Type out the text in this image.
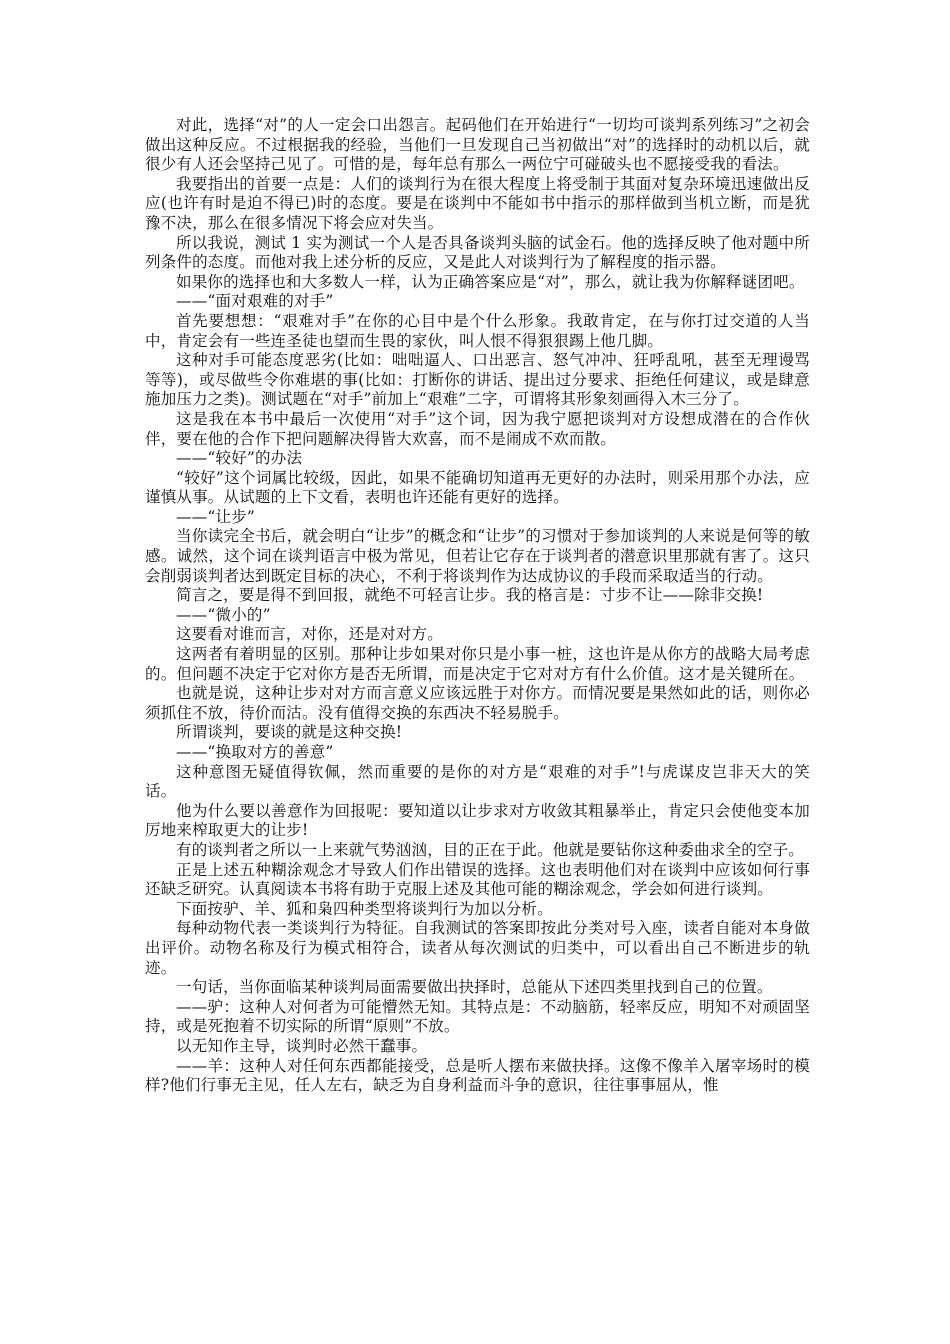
对此，选择“对”的人一定会口出怨言。起码他们在开始进行“一切均可谈判系列练习”之初会做出这种反应。不过根据我的经验，当他们一旦发现自己当初做出“对”的选择时的动机以后，就很少有人还会坚持己见了。可惜的是，每年总有那么一两位宁可碰破头也不愿接受我的看法。

我要指出的首要一点是：人们的谈判行为在很大程度上将受制于其面对复杂环境迅速做出反应(也许有时是迫不得已)时的态度。要是在谈判中不能如书中指示的那样做到当机立断，而是犹豫不决，那么在很多情况下将会应对失当。

所以我说，测试 1 实为测试一个人是否具备谈判头脑的试金石。他的选择反映了他对题中所列条件的态度。而他对我上述分析的反应，又是此人对谈判行为了解程度的指示器。

如果你的选择也和大多数人一样，认为正确答案应是“对”，那么，就让我为你解释谜团吧。

——“面对艰难的对手”

首先要想想：“艰难对手”在你的心目中是个什么形象。我敢肯定，在与你打过交道的人当中，肯定会有一些连圣徒也望而生畏的家伙，叫人恨不得狠狠踢上他几脚。

这种对手可能态度恶劣(比如：咄咄逼人、口出恶言、怒气冲冲、狂呼乱吼，甚至无理谩骂等等)，或尽做些令你难堪的事(比如：打断你的讲话、提出过分要求、拒绝任何建议，或是肆意施加压力之类)。测试题在“对手”前加上“艰难”二字，可谓将其形象刻画得入木三分了。

这是我在本书中最后一次使用“对手”这个词，因为我宁愿把谈判对方设想成潜在的合作伙伴，要在他的合作下把问题解决得皆大欢喜，而不是闹成不欢而散。

——“较好”的办法

“较好”这个词属比较级，因此，如果不能确切知道再无更好的办法时，则采用那个办法，应谨慎从事。从试题的上下文看，表明也许还能有更好的选择。

——“让步”

当你读完全书后，就会明白“让步”的概念和“让步”的习惯对于参加谈判的人来说是何等的敏感。诚然，这个词在谈判语言中极为常见，但若让它存在于谈判者的潜意识里那就有害了。这只会削弱谈判者达到既定目标的决心，不利于将谈判作为达成协议的手段而采取适当的行动。

简言之，要是得不到回报，就绝不可轻言让步。我的格言是：寸步不让——除非交换!

——“微小的”

这要看对谁而言，对你，还是对对方。

这两者有着明显的区别。那种让步如果对你只是小事一桩，这也许是从你方的战略大局考虑的。但问题不决定于它对你方是否无所谓，而是决定于它对对方有什么价值。这才是关键所在。

也就是说，这种让步对对方而言意义应该远胜于对你方。而情况要是果然如此的话，则你必须抓住不放，待价而沽。没有值得交换的东西决不轻易脱手。

所谓谈判，要谈的就是这种交换!

——“换取对方的善意”

这种意图无疑值得钦佩，然而重要的是你的对方是“艰难的对手”!与虎谋皮岂非天大的笑话。

他为什么要以善意作为回报呢：要知道以让步求对方收敛其粗暴举止，肯定只会使他变本加厉地来榨取更大的让步!

有的谈判者之所以一上来就气势汹汹，目的正在于此。他就是要钻你这种委曲求全的空子。

正是上述五种糊涂观念才导致人们作出错误的选择。这也表明他们对在谈判中应该如何行事还缺乏研究。认真阅读本书将有助于克服上述及其他可能的糊涂观念，学会如何进行谈判。

下面按驴、羊、狐和枭四种类型将谈判行为加以分析。

每种动物代表一类谈判行为特征。自我测试的答案即按此分类对号入座，读者自能对本身做出评价。动物名称及行为模式相符合，读者从每次测试的归类中，可以看出自己不断进步的轨迹。

一句话，当你面临某种谈判局面需要做出抉择时，总能从下述四类里找到自己的位置。

——驴：这种人对何者为可能懵然无知。其特点是：不动脑筋，轻率反应，明知不对顽固坚持，或是死抱着不切实际的所谓“原则”不放。

以无知作主导，谈判时必然干蠢事。

——羊：这种人对任何东西都能接受，总是听人摆布来做抉择。这像不像羊入屠宰场时的模样?他们行事无主见，任人左右，缺乏为自身利益而斗争的意识，往往事事屈从，惟
